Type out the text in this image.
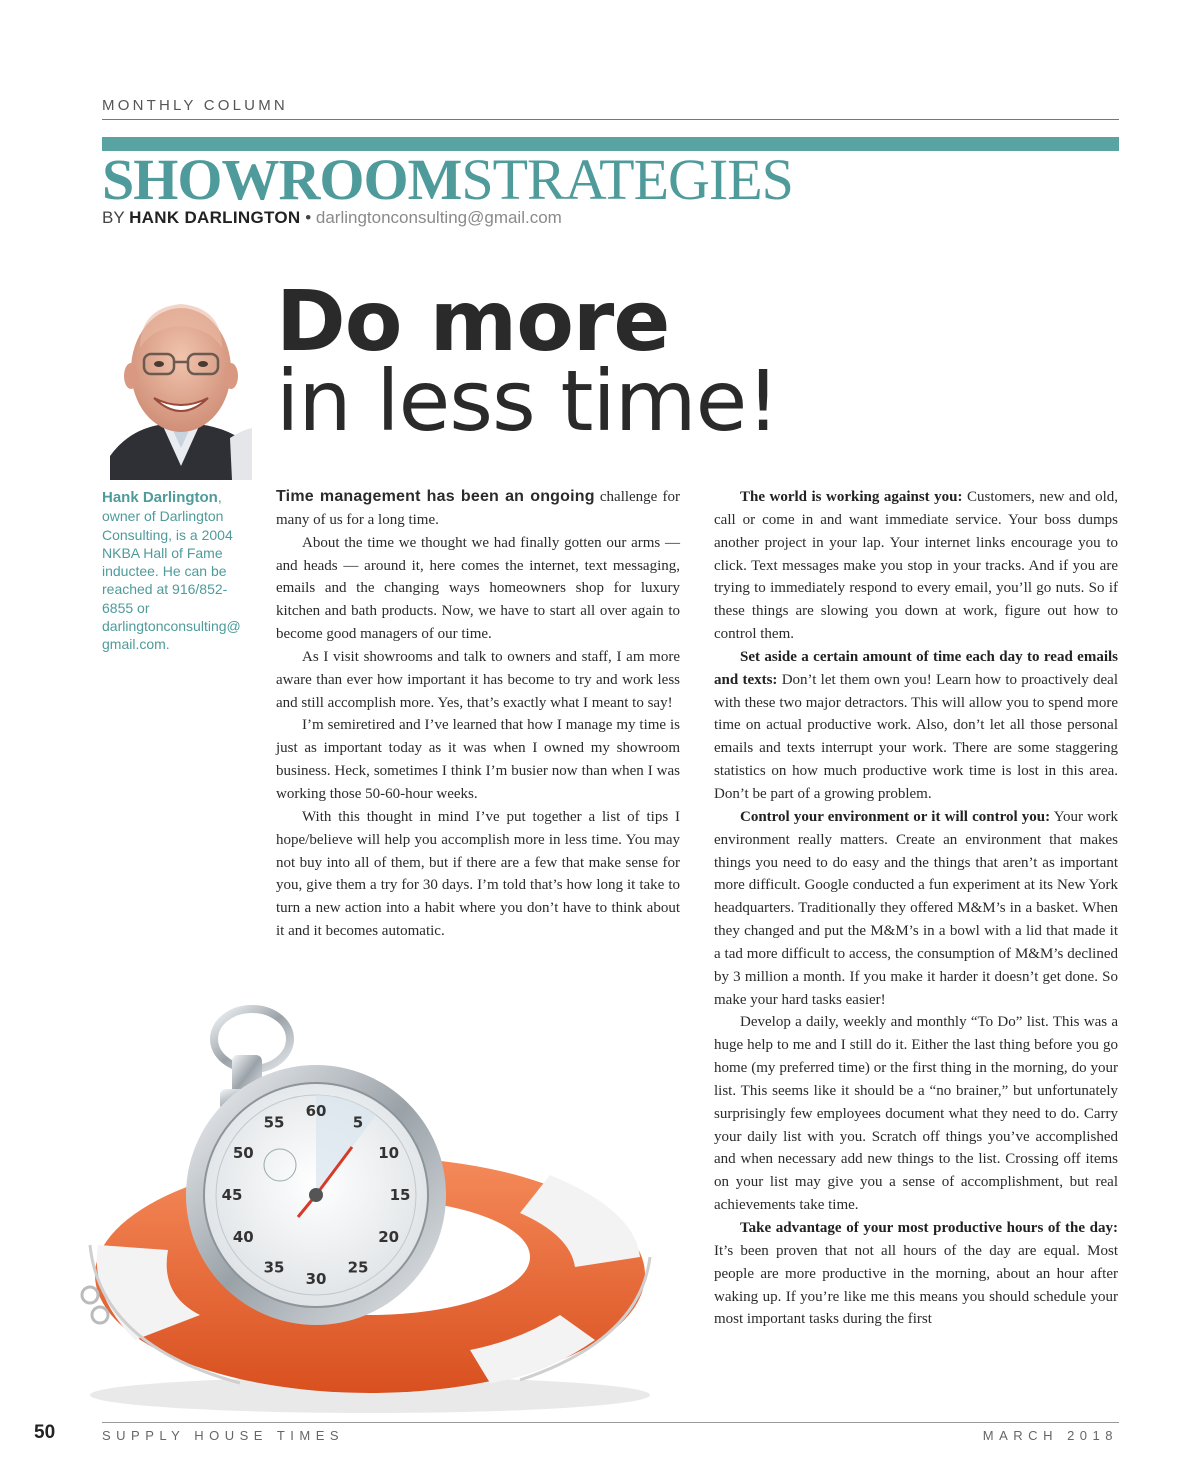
MONTHLY COLUMN
SHOWROOMSTRATEGIES
BY HANK DARLINGTON • darlingtonconsulting@gmail.com
Do more
in less time!
Hank Darlington, owner of Darlington Consulting, is a 2004 NKBA Hall of Fame inductee. He can be reached at 916/852-6855 or darlingtonconsulting@ gmail.com.

Time management has been an ongoing challenge for many of us for a long time.

About the time we thought we had finally gotten our arms — and heads — around it, here comes the internet, text messaging, emails and the changing ways homeowners shop for luxury kitchen and bath products. Now, we have to start all over again to become good managers of our time.

As I visit showrooms and talk to owners and staff, I am more aware than ever how important it has become to try and work less and still accomplish more. Yes, that’s exactly what I meant to say!

I’m semiretired and I’ve learned that how I manage my time is just as important today as it was when I owned my showroom business. Heck, sometimes I think I’m busier now than when I was working those 50-60-hour weeks.

With this thought in mind I’ve put together a list of tips I hope/believe will help you accomplish more in less time. You may not buy into all of them, but if there are a few that make sense for you, give them a try for 30 days. I’m told that’s how long it take to turn a new action into a habit where you don’t have to think about it and it becomes automatic.

The world is working against you: Customers, new and old, call or come in and want immediate service. Your boss dumps another project in your lap. Your internet links encourage you to click. Text messages make you stop in your tracks. And if you are trying to immediately respond to every email, you’ll go nuts. So if these things are slowing you down at work, figure out how to control them.

Set aside a certain amount of time each day to read emails and texts: Don’t let them own you! Learn how to proactively deal with these two major detractors. This will allow you to spend more time on actual productive work. Also, don’t let all those personal emails and texts interrupt your work. There are some staggering statistics on how much productive work time is lost in this area. Don’t be part of a growing problem.

Control your environment or it will control you: Your work environment really matters. Create an environment that makes things you need to do easy and the things that aren’t as important more difficult. Google conducted a fun experiment at its New York headquarters. Traditionally they offered M&M’s in a basket. When they changed and put the M&M’s in a bowl with a lid that made it a tad more difficult to access, the consumption of M&M’s declined by 3 million a month. If you make it harder it doesn’t get done. So make your hard tasks easier!

Develop a daily, weekly and monthly “To Do” list. This was a huge help to me and I still do it. Either the last thing before you go home (my preferred time) or the first thing in the morning, do your list. This seems like it should be a “no brainer,” but unfortunately surprisingly few employees document what they need to do. Carry your daily list with you. Scratch off things you’ve accomplished and when necessary add new things to the list. Crossing off items on your list may give you a sense of accomplishment, but real achievements take time.

Take advantage of your most productive hours of the day: It’s been proven that not all hours of the day are equal. Most people are more productive in the morning, about an hour after waking up. If you’re like me this means you should schedule your most important tasks during the first

60
5
10
15
20
25
30
35
40
45
50
55
50	SUPPLY HOUSE TIMES	MARCH 2018
